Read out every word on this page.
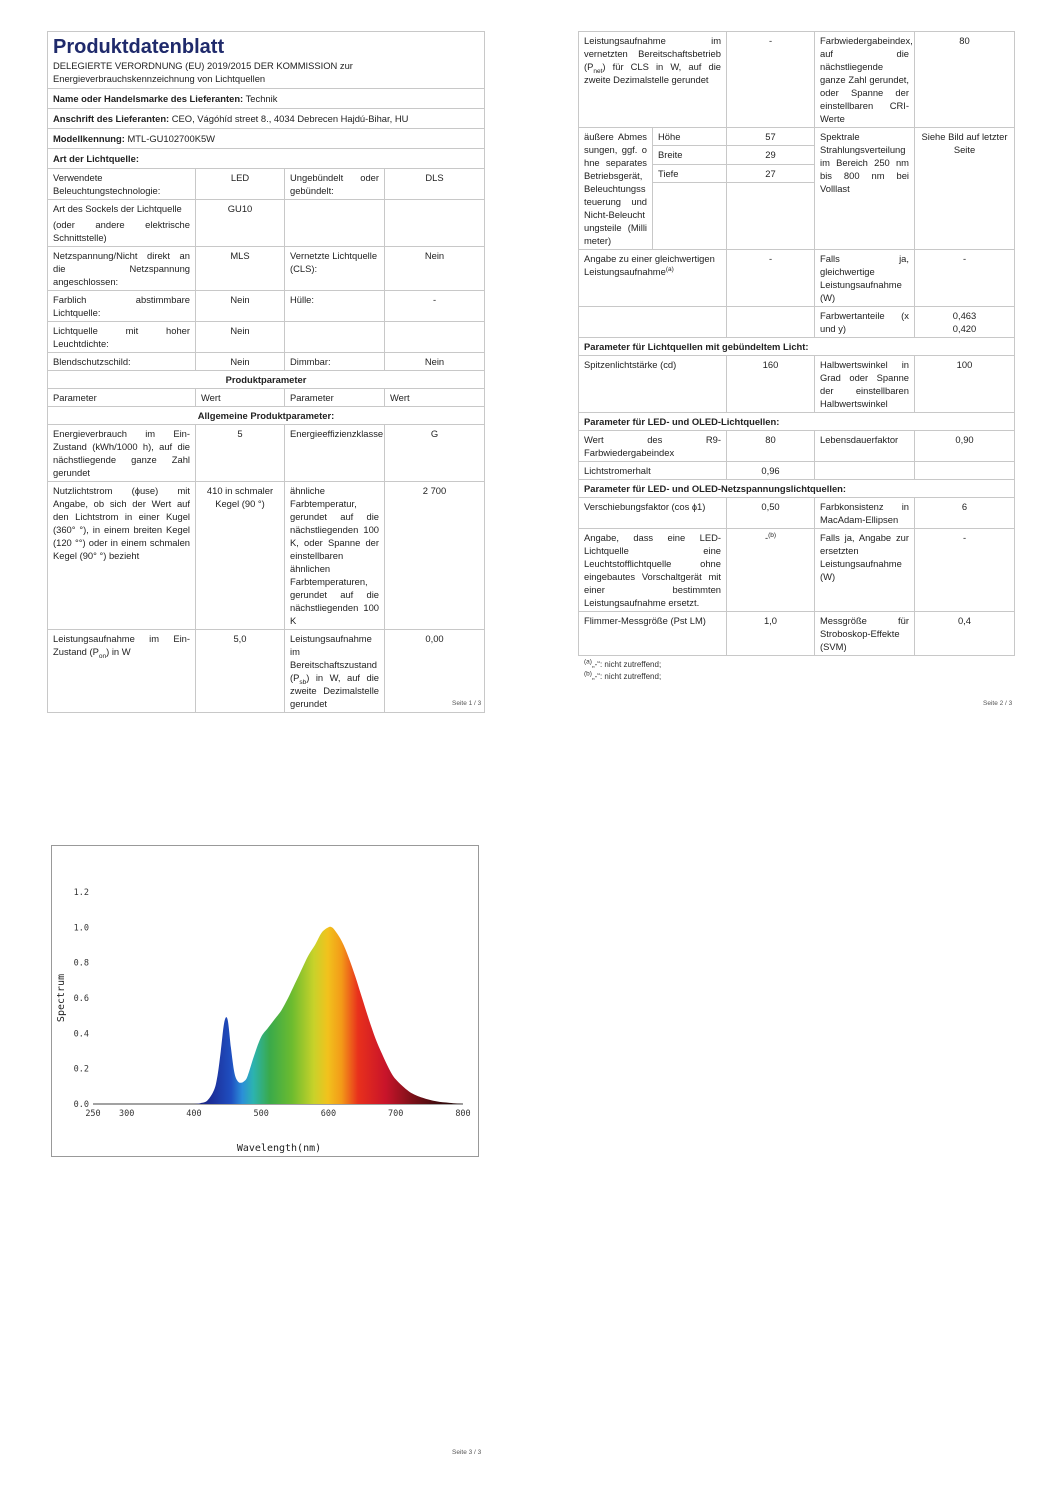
Produktdatenblatt
DELEGIERTE VERORDNUNG (EU) 2019/2015 DER KOMMISSION zur Energieverbrauchskennzeichnung von Lichtquellen			

Name oder Handelsmarke des Lieferanten: Technik			
Anschrift des Lieferanten: CEO, Vágóhíd street 8., 4034 Debrecen Hajdú-Bihar, HU			
Modellkennung: MTL-GU102700K5W			
Art der Lichtquelle:			
Verwendete Beleuchtungstechnologie:	LED	Ungebündelt oder gebündelt:	DLS

Art des Sockels der Lichtquelle
(oder andere elektrische Schnittstelle)	GU10		
Netzspannung/Nicht direkt an die Netzspannung angeschlossen:	MLS	Vernetzte Lichtquelle (CLS):	Nein
Farblich abstimmbare Lichtquelle:	Nein	Hülle:	-
Lichtquelle mit hoher Leuchtdichte:	Nein		
Blendschutzschild:	Nein	Dimmbar:	Nein
Produktparameter			
Parameter	Wert	Parameter	Wert
Allgemeine Produktparameter:			
Energieverbrauch im Ein-Zustand (kWh/1000 h), auf die nächstliegende ganze Zahl gerundet	5	Energieeffizienzklasse	G
Nutzlichtstrom (ɸuse) mit Angabe, ob sich der Wert auf den Lichtstrom in einer Kugel (360° °), in einem breiten Kegel (120 °°) oder in einem schmalen Kegel (90° °) bezieht	410 in schmaler Kegel (90 °)	ähnliche Farbtemperatur, gerundet auf die nächstliegenden 100 K, oder Spanne der einstellbaren ähnlichen Farbtemperaturen, gerundet auf die nächstliegenden 100 K	2 700
Leistungsaufnahme im Ein-Zustand $(P_{on})$ in W	5,0	Leistungsaufnahme im Bereitschaftszustand $(P_{sb})$ in W, auf die zweite Dezimalstelle gerundet	0,00
Seite 1 / 3
Leistungsaufnahme im vernetzten Bereitschaftsbetrieb $(P_{net})$ für CLS in W, auf die zweite Dezimalstelle gerundet		-	Farbwiedergabeindex, auf die nächstliegende ganze Zahl gerundet, oder Spanne der einstellbaren CRI-Werte	80
äußere Abmessungen, ggf. ohne separates Betriebsgerät, Beleuchtungssteuerung und Nicht-Beleuchtungsteile (Millimeter)	Höhe	57	Spektrale Strahlungsverteilung im Bereich 250 nm bis 800 nm bei Volllast	Siehe Bild auf letzter Seite
	Breite	29		
	Tiefe	27		

Angabe zu einer gleichwertigen Leistungsaufnahme$^{(a)}$		-	Falls ja, gleichwertige Leistungsaufnahme (W)	-
			Farbwertanteile (x und y)	0,463
0,420

Parameter für Lichtquellen mit gebündeltem Licht:				
Spitzenlichtstärke (cd)		160	Halbwertswinkel in Grad oder Spanne der einstellbaren Halbwertswinkel	100
Parameter für LED- und OLED-Lichtquellen:				
Wert des R9-Farbwiedergabeindex		80	Lebensdauerfaktor	0,90
Lichtstromerhalt		0,96		
Parameter für LED- und OLED-Netzspannungslichtquellen:				
Verschiebungsfaktor (cos ɸ1)		0,50	Farbkonsistenz in MacAdam-Ellipsen	6
Angabe, dass eine LED-Lichtquelle eine Leuchtstofflichtquelle ohne eingebautes Vorschaltgerät mit einer bestimmten Leistungsaufnahme ersetzt.		-$^{(b)}$	Falls ja, Angabe zur ersetzten Leistungsaufnahme (W)	-
Flimmer-Messgröße (Pst LM)		1,0	Messgröße für Stroboskop-Effekte (SVM)	0,4
$^{(a)}$„-“: nicht zutreffend;
$^{(b)}$„-“: nicht zutreffend;
Seite 2 / 3
0.0
0.2
0.4
0.6
0.8
1.0
1.2
250 300	400	500	600	700	800
Spectrum
Wavelength(nm)
Seite 3 / 3
